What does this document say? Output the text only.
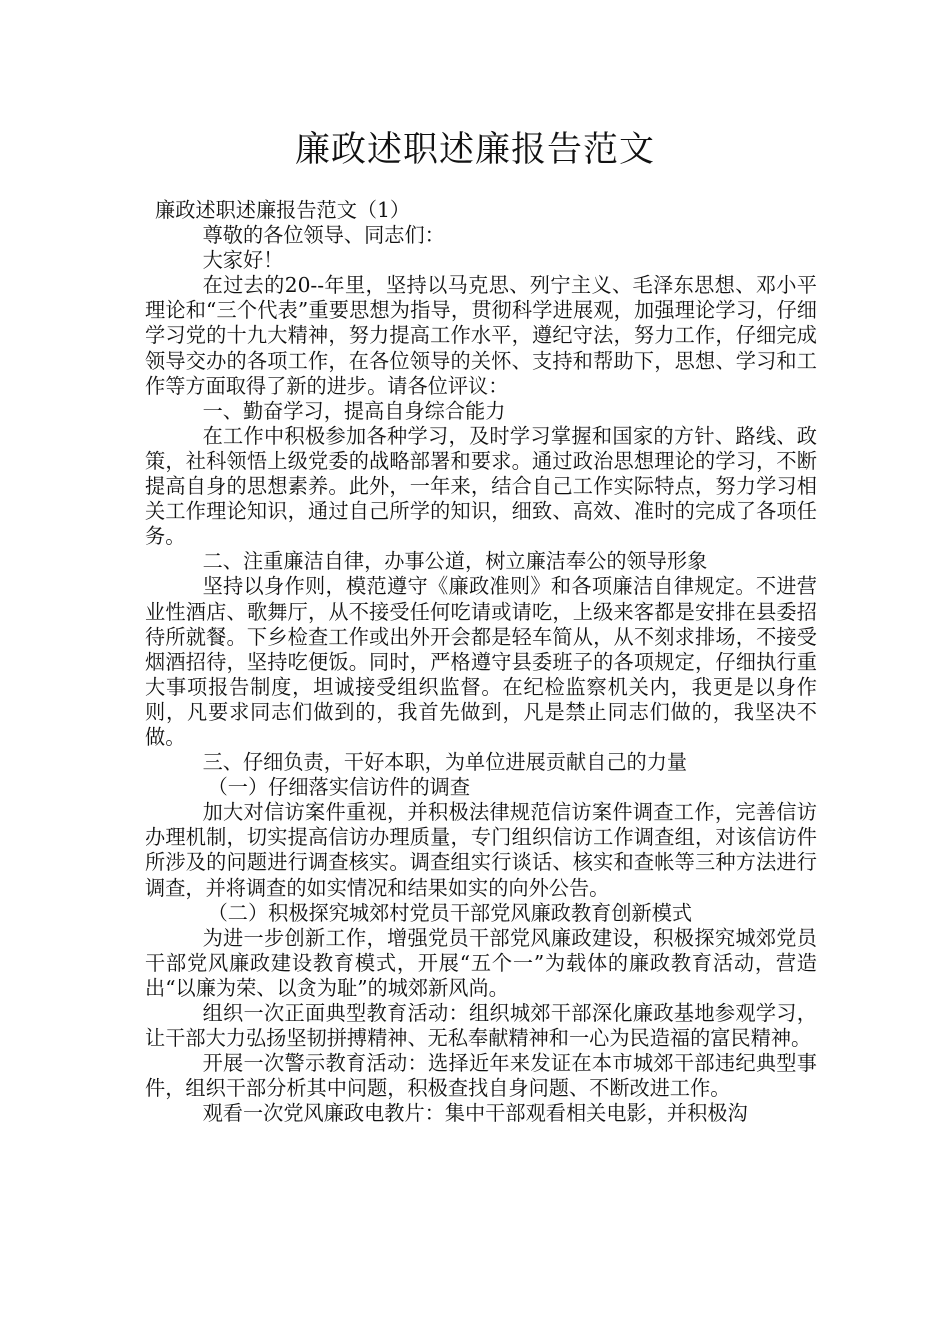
廉政述职述廉报告范文

廉政述职述廉报告范文（1）

尊敬的各位领导、同志们：

大家好！

在过去的20--年里，坚持以马克思、列宁主义、毛泽东思想、邓小平理论和“三个代表”重要思想为指导，贯彻科学进展观，加强理论学习，仔细学习党的十九大精神，努力提高工作水平，遵纪守法，努力工作，仔细完成领导交办的各项工作，在各位领导的关怀、支持和帮助下，思想、学习和工作等方面取得了新的进步。请各位评议：

一、勤奋学习，提高自身综合能力

在工作中积极参加各种学习，及时学习掌握和国家的方针、路线、政策，社科领悟上级党委的战略部署和要求。通过政治思想理论的学习，不断提高自身的思想素养。此外，一年来，结合自己工作实际特点，努力学习相关工作理论知识，通过自己所学的知识，细致、高效、准时的完成了各项任务。

二、注重廉洁自律，办事公道，树立廉洁奉公的领导形象

坚持以身作则，模范遵守《廉政准则》和各项廉洁自律规定。不进营业性酒店、歌舞厅，从不接受任何吃请或请吃，上级来客都是安排在县委招待所就餐。下乡检查工作或出外开会都是轻车简从，从不刻求排场，不接受烟酒招待，坚持吃便饭。同时，严格遵守县委班子的各项规定，仔细执行重大事项报告制度，坦诚接受组织监督。在纪检监察机关内，我更是以身作则，凡要求同志们做到的，我首先做到，凡是禁止同志们做的，我坚决不做。

三、仔细负责，干好本职，为单位进展贡献自己的力量

（一）仔细落实信访件的调查

加大对信访案件重视，并积极法律规范信访案件调查工作，完善信访办理机制，切实提高信访办理质量，专门组织信访工作调查组，对该信访件所涉及的问题进行调查核实。调查组实行谈话、核实和查帐等三种方法进行调查，并将调查的如实情况和结果如实的向外公告。

（二）积极探究城郊村党员干部党风廉政教育创新模式

为进一步创新工作，增强党员干部党风廉政建设，积极探究城郊党员干部党风廉政建设教育模式，开展“五个一”为载体的廉政教育活动，营造出“以廉为荣、以贪为耻”的城郊新风尚。

组织一次正面典型教育活动：组织城郊干部深化廉政基地参观学习，让干部大力弘扬坚韧拼搏精神、无私奉献精神和一心为民造福的富民精神。

开展一次警示教育活动：选择近年来发证在本市城郊干部违纪典型事件，组织干部分析其中问题，积极查找自身问题、不断改进工作。

观看一次党风廉政电教片：集中干部观看相关电影，并积极沟
